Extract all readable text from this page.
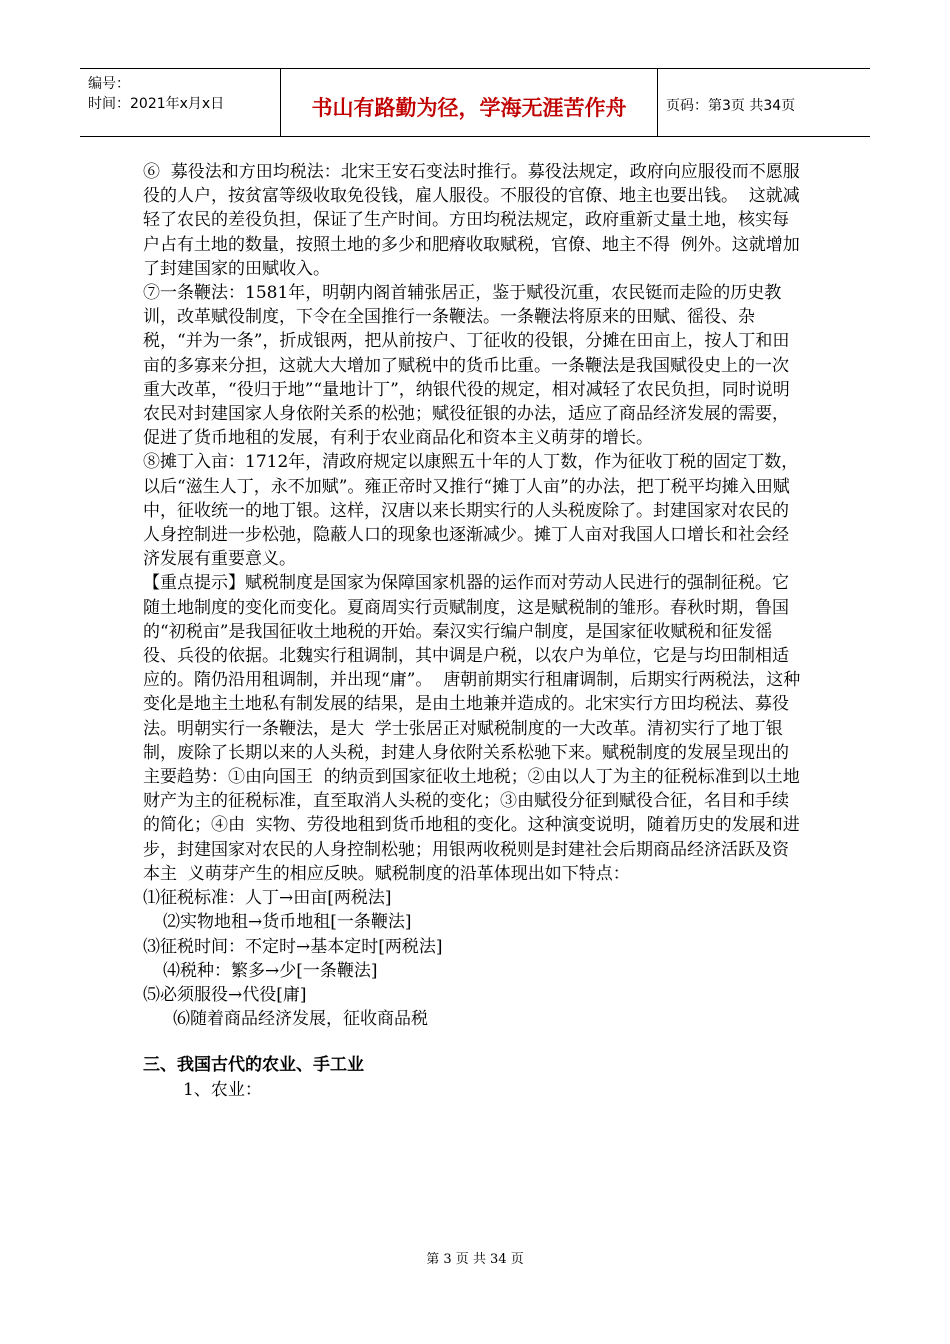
编号：
时间：2021年x月x日	书山有路勤为径，学海无涯苦作舟	页码：第3页 共34页

⑥  募役法和方田均税法：北宋王安石变法时推行。募役法规定，政府向应服役而不愿服役的人户，按贫富等级收取免役钱，雇人服役。不服役的官僚、地主也要出钱。  这就减轻了农民的差役负担，保证了生产时间。方田均税法规定，政府重新丈量土地，核实每户占有土地的数量，按照土地的多少和肥瘠收取赋税，官僚、地主不得  例外。这就增加了封建国家的田赋收入。

⑦一条鞭法：1581年，明朝内阁首辅张居正，鉴于赋役沉重，农民铤而走险的历史教训，改革赋役制度，下令在全国推行一条鞭法。一条鞭法将原来的田赋、徭役、杂税，“并为一条”，折成银两，把从前按户、丁征收的役银，分摊在田亩上，按人丁和田亩的多寡来分担，这就大大增加了赋税中的货币比重。一条鞭法是我国赋役史上的一次重大改革，“役归于地”“量地计丁”，纳银代役的规定，相对减轻了农民负担，同时说明农民对封建国家人身依附关系的松弛；赋役征银的办法，适应了商品经济发展的需要，促进了货币地租的发展，有利于农业商品化和资本主义萌芽的增长。

⑧摊丁入亩：1712年，清政府规定以康熙五十年的人丁数，作为征收丁税的固定丁数，以后“滋生人丁，永不加赋”。雍正帝时又推行“摊丁人亩”的办法，把丁税平均摊入田赋中，征收统一的地丁银。这样，汉唐以来长期实行的人头税废除了。封建国家对农民的人身控制进一步松弛，隐蔽人口的现象也逐渐减少。摊丁人亩对我国人口增长和社会经济发展有重要意义。

【重点提示】赋税制度是国家为保障国家机器的运作而对劳动人民进行的强制征税。它随土地制度的变化而变化。夏商周实行贡赋制度，这是赋税制的雏形。春秋时期，鲁国的“初税亩”是我国征收土地税的开始。秦汉实行编户制度，是国家征收赋税和征发徭役、兵役的依据。北魏实行租调制，其中调是户税，以农户为单位，它是与均田制相适应的。隋仍沿用租调制，并出现“庸”。  唐朝前期实行租庸调制，后期实行两税法，这种变化是地主土地私有制发展的结果，是由土地兼并造成的。北宋实行方田均税法、募役法。明朝实行一条鞭法，是大  学士张居正对赋税制度的一大改革。清初实行了地丁银制，废除了长期以来的人头税，封建人身依附关系松驰下来。赋税制度的发展呈现出的主要趋势：①由向国王  的纳贡到国家征收土地税；②由以人丁为主的征税标准到以土地财产为主的征税标准，直至取消人头税的变化；③由赋役分征到赋役合征，名目和手续的简化；④由  实物、劳役地租到货币地租的变化。这种演变说明，随着历史的发展和进步，封建国家对农民的人身控制松驰；用银两收税则是封建社会后期商品经济活跃及资本主  义萌芽产生的相应反映。赋税制度的沿革体现出如下特点：

⑴征税标准：人丁→田亩[两税法]

⑵实物地租→货币地租[一条鞭法]

⑶征税时间：不定时→基本定时[两税法]

⑷税种：繁多→少[一条鞭法]

⑸必须服役→代役[庸]

⑹随着商品经济发展，征收商品税

三、我国古代的农业、手工业

1、农业：

第 3 页 共 34 页
